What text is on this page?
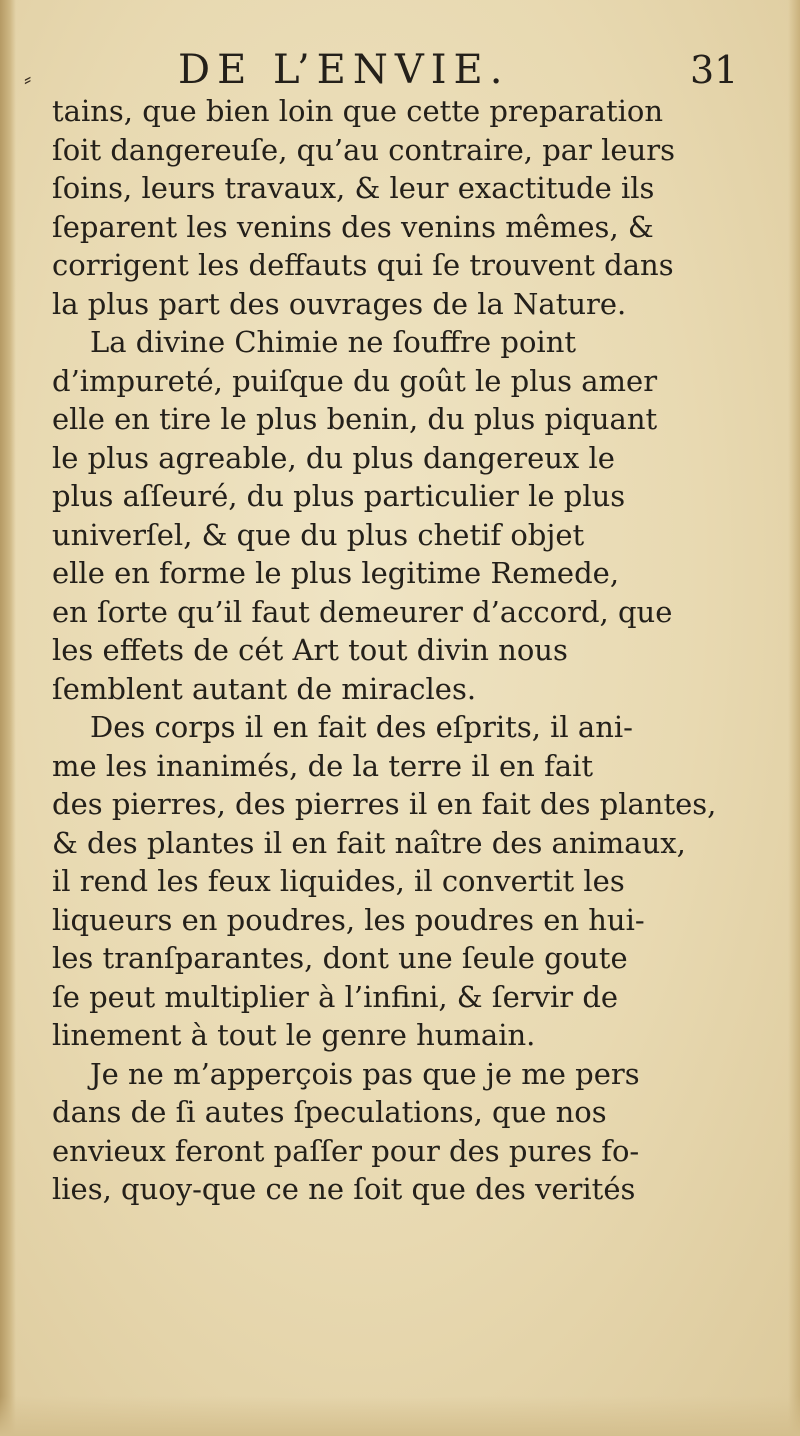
⸗	DE L’ENVIE.	31
tains, que bien loin que cette preparation
ſoit dangereuſe, qu’au contraire, par leurs
ſoins, leurs travaux, & leur exactitude ils
ſeparent les venins des venins mêmes, &
corrigent les deffauts qui ſe trouvent dans
la plus part des ouvrages de la Nature.
La divine Chimie ne ſouffre point
d’impureté, puiſque du goût le plus amer
elle en tire le plus benin, du plus piquant
le plus agreable, du plus dangereux le
plus aſſeuré, du plus particulier le plus
univerſel, & que du plus chetif objet
elle en forme le plus legitime Remede,
en ſorte qu’il faut demeurer d’accord, que
les effets de cét Art tout divin nous
ſemblent autant de miracles.
Des corps il en fait des eſprits, il ani-
me les inanimés, de la terre il en fait
des pierres, des pierres il en fait des plantes,
& des plantes il en fait naître des animaux,
il rend les feux liquides, il convertit les
liqueurs en poudres, les poudres en hui-
les tranſparantes, dont une ſeule goute
ſe peut multiplier à l’infini, & ſervir de
linement à tout le genre humain.
Je ne m’apperçois pas que je me pers
dans de ſi autes ſpeculations, que nos
envieux feront paſſer pour des pures fo-
lies, quoy-que ce ne ſoit que des verités
